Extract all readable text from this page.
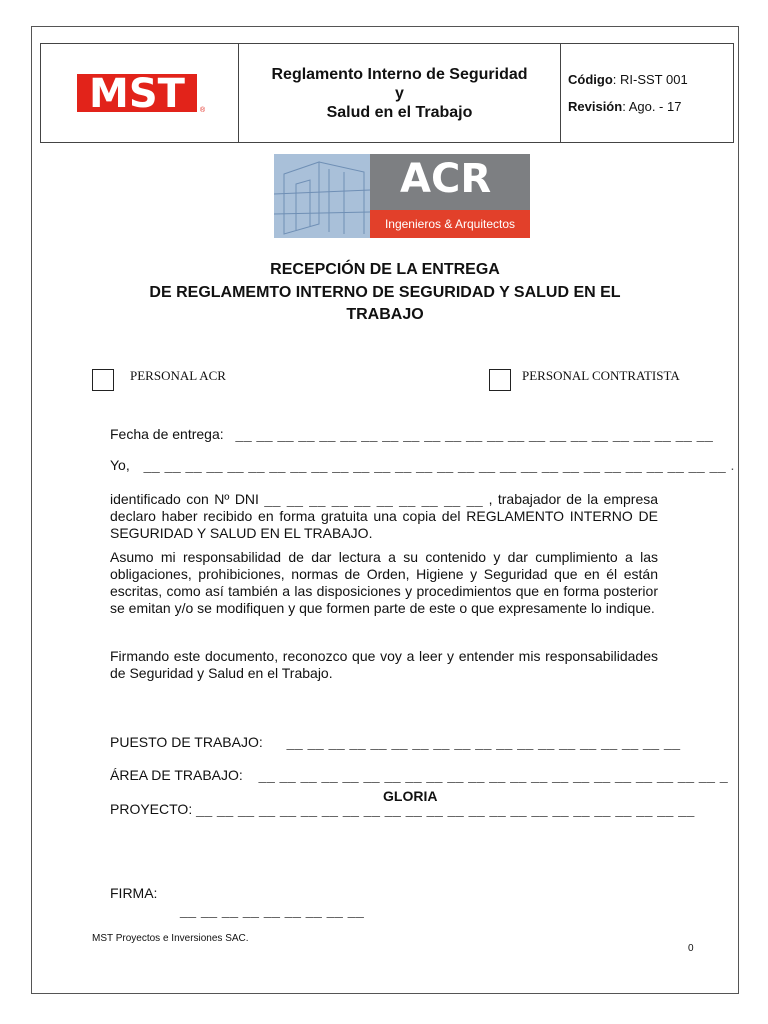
MST ®
Reglamento Interno de Seguridad
y
Salud en el Trabajo
Código: RI-SST 001
Revisión: Ago. - 17
ACR
Ingenieros & Arquitectos
RECEPCIÓN DE LA ENTREGA
DE REGLAMEMTO INTERNO DE SEGURIDAD Y SALUD EN EL
TRABAJO
PERSONAL ACR	PERSONAL CONTRATISTA
Fecha de entrega: __ __ __ __ __ __ __ __ __ __ __ __ __ __ __ __ __ __ __ __ __ __ __
Yo, __ __ __ __ __ __ __ __ __ __ __ __ __ __ __ __ __ __ __ __ __ __ __ __ __ __ __ __ .
identificado con Nº DNI __ __ __ __ __ __ __ __ __ __ , trabajador de la empresa declaro haber recibido en forma gratuita una copia del REGLAMENTO INTERNO DE SEGURIDAD Y SALUD EN EL TRABAJO.
Asumo mi responsabilidad de dar lectura a su contenido y dar cumplimiento a las obligaciones, prohibiciones, normas de Orden, Higiene y Seguridad que en él están escritas, como así también a las disposiciones y procedimientos que en forma posterior se emitan y/o se modifiquen y que formen parte de este o que expresamente lo indique.
Firmando este documento, reconozco que voy a leer y entender mis responsabilidades de Seguridad y Salud en el Trabajo.
PUESTO DE TRABAJO: __ __ __ __ __ __ __ __ __ __ __ __ __ __ __ __ __ __ __
ÁREA DE TRABAJO: __ __ __ __ __ __ __ __ __ __ __ __ __ __ __ __ __ __ __ __ __ __ _
GLORIA
PROYECTO: __ __ __ __ __ __ __ __ __ __ __ __ __ __ __ __ __ __ __ __ __ __ __ __
FIRMA:
__ __ __ __ __ __ __ __ __
MST Proyectos e Inversiones SAC.
0
